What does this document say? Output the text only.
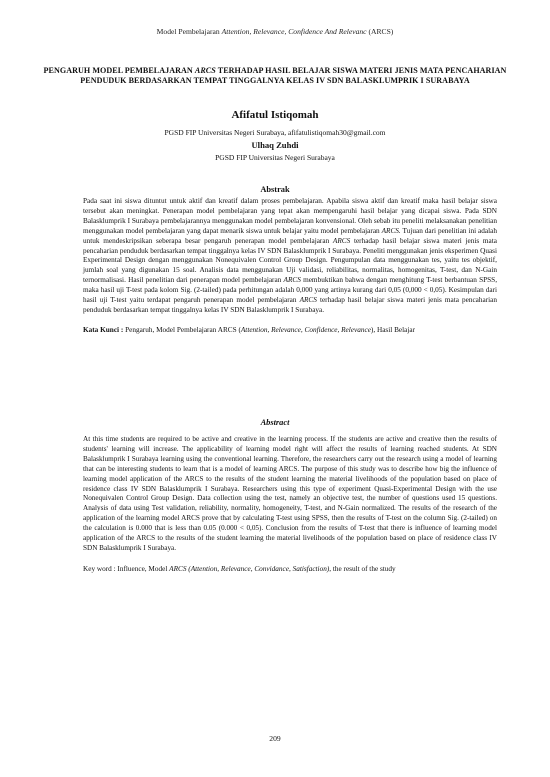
Model Pembelajaran Attention, Relevance, Confidence And Relevanc (ARCS)
PENGARUH MODEL PEMBELAJARAN ARCS TERHADAP HASIL BELAJAR SISWA MATERI JENIS MATA PENCAHARIAN PENDUDUK BERDASARKAN TEMPAT TINGGALNYA KELAS IV SDN BALASKLUMPRIK I SURABAYA
Afifatul Istiqomah
PGSD FIP Universitas Negeri Surabaya, afifatulistiqomah30@gmail.com
Ulhaq Zuhdi
PGSD FIP Universitas Negeri Surabaya
Abstrak
Pada saat ini siswa dituntut untuk aktif dan kreatif dalam proses pembelajaran. Apabila siswa aktif dan kreatif maka hasil belajar siswa tersebut akan meningkat. Penerapan model pembelajaran yang tepat akan mempengaruhi hasil belajar yang dicapai siswa. Pada SDN Balasklumprik I Surabaya pembelajarannya menggunakan model pembelajaran konvensional. Oleh sebab itu peneliti melaksanakan penelitian menggunakan model pembelajaran yang dapat menarik siswa untuk belajar yaitu model pembelajaran ARCS. Tujuan dari penelitian ini adalah untuk mendeskripsikan seberapa besar pengaruh penerapan model pembelajaran ARCS terhadap hasil belajar siswa materi jenis mata pencaharian penduduk berdasarkan tempat tinggalnya kelas IV SDN Balasklumprik I Surabaya. Peneliti menggunakan jenis eksperimen Quasi Experimental Design dengan menggunakan Nonequivalen Control Group Design. Pengumpulan data menggunakan tes, yaitu tes objektif, jumlah soal yang digunakan 15 soal. Analisis data menggunakan Uji validasi, reliabilitas, normalitas, homogenitas, T-test, dan N-Gain ternormalisasi. Hasil penelitian dari penerapan model pembelajaran ARCS membuktikan bahwa dengan menghitung T-test berbantuan SPSS, maka hasil uji T-test pada kolom Sig. (2-tailed) pada perhitungan adalah 0,000 yang artinya kurang dari 0,05 (0,000 < 0,05). Kesimpulan dari hasil uji T-test yaitu terdapat pengaruh penerapan model pembelajaran ARCS terhadap hasil belajar siswa materi jenis mata pencaharian penduduk berdasarkan tempat tinggalnya kelas IV SDN Balasklumprik I Surabaya.
Kata Kunci : Pengaruh, Model Pembelajaran ARCS (Attention, Relevance, Confidence, Relevance), Hasil Belajar
Abstract
At this time students are required to be active and creative in the learning process. If the students are active and creative then the results of students' learning will increase. The applicability of learning model right will affect the results of learning reached students. At SDN Balasklumprik I Surabaya learning using the conventional learning. Therefore, the researchers carry out the research using a model of learning that can be interesting students to learn that is a model of learning ARCS. The purpose of this study was to describe how big the influence of learning model application of the ARCS to the results of the student learning the material livelihoods of the population based on place of residence class IV SDN Balasklumprik I Surabaya. Researchers using this type of experiment Quasi-Experimental Design with the use Nonequivalen Control Group Design. Data collection using the test, namely an objective test, the number of questions used 15 questions. Analysis of data using Test validation, reliability, normality, homogeneity, T-test, and N-Gain normalized. The results of the research of the application of the learning model ARCS prove that by calculating T-test using SPSS, then the results of T-test on the column Sig. (2-tailed) on the calculation is 0.000 that is less than 0.05 (0.000 < 0,05). Conclusion from the results of T-test that there is influence of learning model application of the ARCS to the results of the student learning the material livelihoods of the population based on place of residence class IV SDN Balasklumprik I Surabaya.
Key word : Influence, Model ARCS (Attention, Relevance, Convidance, Satisfaction), the result of the study
209
